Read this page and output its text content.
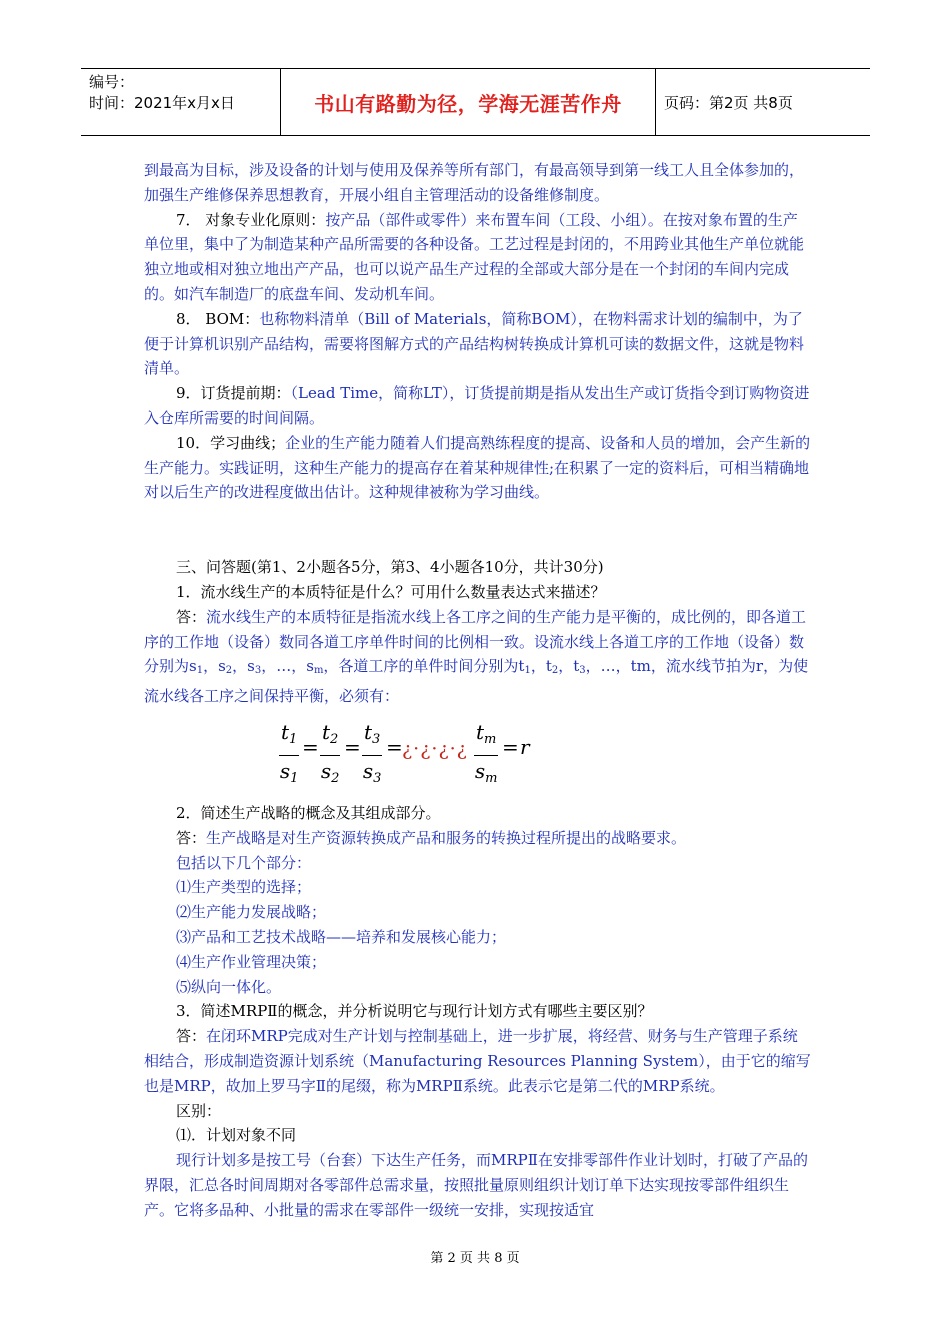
编号：
时间：2021年x月x日	书山有路勤为径，学海无涯苦作舟	页码：第2页 共8页

到最高为目标，涉及设备的计划与使用及保养等所有部门，有最高领导到第一线工人且全体参加的，加强生产维修保养思想教育，开展小组自主管理活动的设备维修制度。

7． 对象专业化原则：按产品（部件或零件）来布置车间（工段、小组）。在按对象布置的生产单位里，集中了为制造某种产品所需要的各种设备。工艺过程是封闭的，不用跨业其他生产单位就能独立地或相对独立地出产产品，也可以说产品生产过程的全部或大部分是在一个封闭的车间内完成的。如汽车制造厂的底盘车间、发动机车间。

8． BOM：也称物料清单（Bill of Materials，简称BOM），在物料需求计划的编制中，为了便于计算机识别产品结构，需要将图解方式的产品结构树转换成计算机可读的数据文件，这就是物料清单。

9．订货提前期：（Lead Time，简称LT），订货提前期是指从发出生产或订货指令到订购物资进入仓库所需要的时间间隔。

10．学习曲线；企业的生产能力随着人们提高熟练程度的提高、设备和人员的增加，会产生新的生产能力。实践证明，这种生产能力的提高存在着某种规律性;在积累了一定的资料后，可相当精确地对以后生产的改进程度做出估计。这种规律被称为学习曲线。

三、问答题(第1、2小题各5分，第3、4小题各10分，共计30分)

1．流水线生产的本质特征是什么？可用什么数量表达式来描述？

答：流水线生产的本质特征是指流水线上各工序之间的生产能力是平衡的，成比例的，即各道工序的工作地（设备）数同各道工序单件时间的比例相一致。设流水线上各道工序的工作地（设备）数分别为s1，s2，s3，…，sm，各道工序的单件时间分别为t1，t2，t3，…，tm，流水线节拍为r，为使流水线各工序之间保持平衡，必须有：

$\frac{t_1}{s_1} = \frac{t_2}{s_2} = \frac{t_3}{s_3}$ = ¿·¿·¿·¿ $\frac{t_m}{s_m} = r$

2．简述生产战略的概念及其组成部分。

答：生产战略是对生产资源转换成产品和服务的转换过程所提出的战略要求。

包括以下几个部分：

⑴生产类型的选择；

⑵生产能力发展战略；

⑶产品和工艺技术战略——培养和发展核心能力；

⑷生产作业管理决策；

⑸纵向一体化。

3．简述MRPⅡ的概念，并分析说明它与现行计划方式有哪些主要区别？

答：在闭环MRP完成对生产计划与控制基础上，进一步扩展，将经营、财务与生产管理子系统相结合，形成制造资源计划系统（Manufacturing Resources Planning System），由于它的缩写也是MRP，故加上罗马字Ⅱ的尾缀，称为MRPⅡ系统。此表示它是第二代的MRP系统。

区别：

⑴．计划对象不同

现行计划多是按工号（台套）下达生产任务，而MRPⅡ在安排零部件作业计划时，打破了产品的界限，汇总各时间周期对各零部件总需求量，按照批量原则组织计划订单下达实现按零部件组织生产。它将多品种、小批量的需求在零部件一级统一安排，实现按适宜

第 2 页 共 8 页
